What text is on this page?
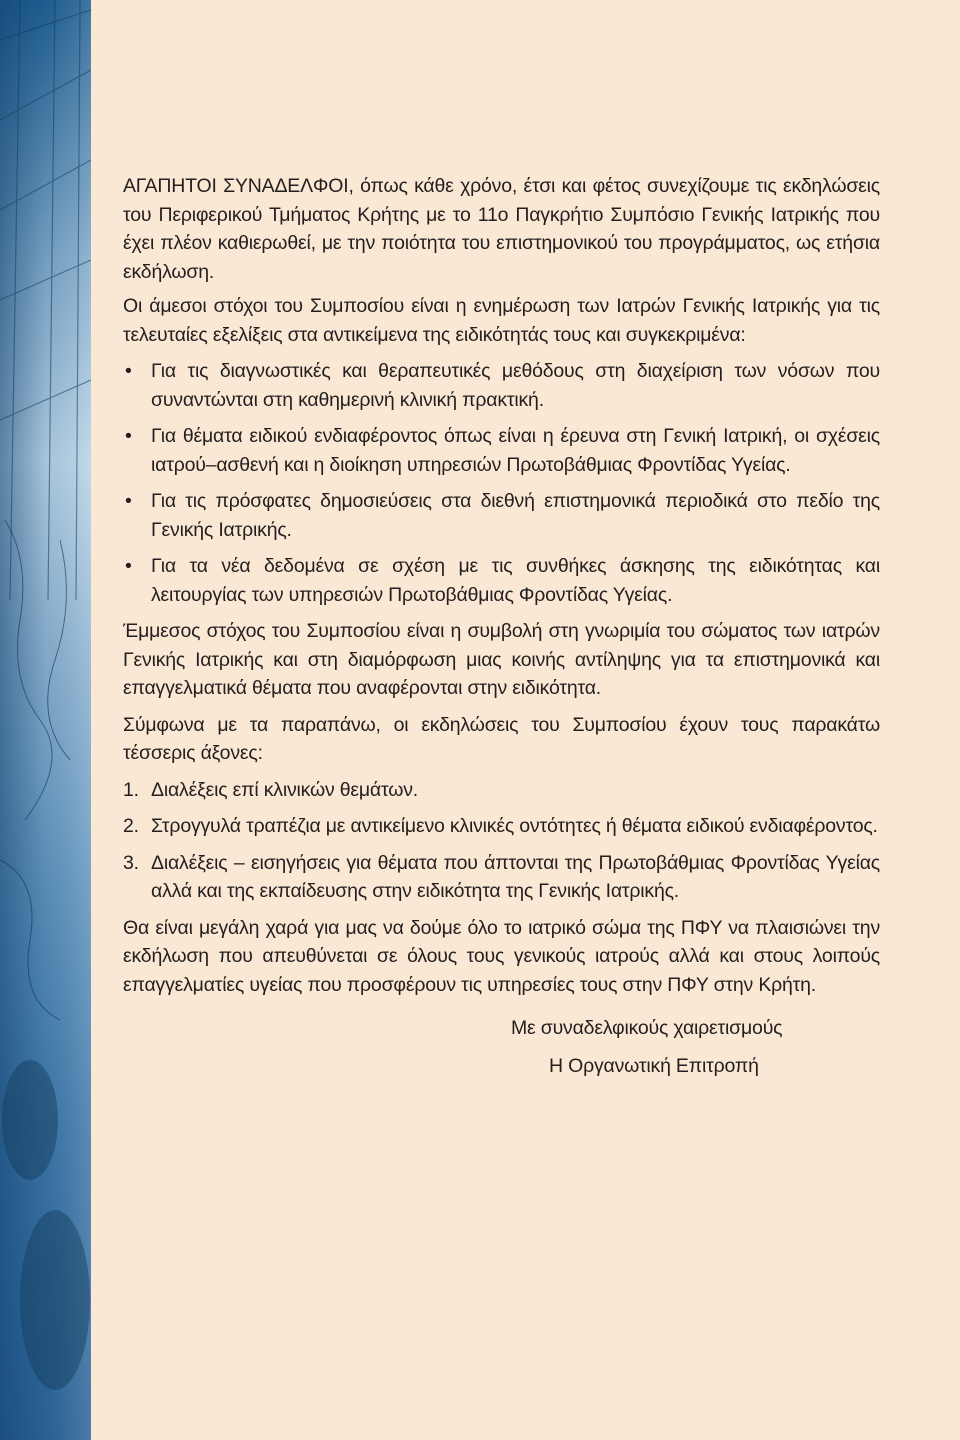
ΑΓΑΠΗΤΟΙ ΣΥΝΑΔΕΛΦΟΙ, όπως κάθε χρόνο, έτσι και φέτος συνεχίζουμε τις εκδηλώσεις του Περιφερικού Τμήματος Κρήτης με το 11ο Παγκρήτιο Συμπόσιο Γενικής Ιατρικής που έχει πλέον καθιερωθεί, με την ποιότητα του επιστημονικού του προγράμματος, ως ετήσια εκδήλωση.

Οι άμεσοι στόχοι του Συμποσίου είναι η ενημέρωση των Ιατρών Γενικής Ιατρικής για τις τελευταίες εξελίξεις στα αντικείμενα της ειδικότητάς τους και συγκεκριμένα:

• Για τις διαγνωστικές και θεραπευτικές μεθόδους στη διαχείριση των νόσων που συναντώνται στη καθημερινή κλινική πρακτική.
• Για θέματα ειδικού ενδιαφέροντος όπως είναι η έρευνα στη Γενική Ιατρική, οι σχέσεις ιατρού–ασθενή και η διοίκηση υπηρεσιών Πρωτοβάθμιας Φροντίδας Υγείας.
• Για τις πρόσφατες δημοσιεύσεις στα διεθνή επιστημονικά περιοδικά στο πεδίο της Γενικής Ιατρικής.
• Για τα νέα δεδομένα σε σχέση με τις συνθήκες άσκησης της ειδικότητας και λειτουργίας των υπηρεσιών Πρωτοβάθμιας Φροντίδας Υγείας.

Έμμεσος στόχος του Συμποσίου είναι η συμβολή στη γνωριμία του σώματος των ιατρών Γενικής Ιατρικής και στη διαμόρφωση μιας κοινής αντίληψης για τα επιστημονικά και επαγγελματικά θέματα που αναφέρονται στην ειδικότητα.

Σύμφωνα με τα παραπάνω, οι εκδηλώσεις του Συμποσίου έχουν τους παρακάτω τέσσερις άξονες:

1. Διαλέξεις επί κλινικών θεμάτων.
2. Στρογγυλά τραπέζια με αντικείμενο κλινικές οντότητες ή θέματα ειδικού ενδιαφέροντος.
3. Διαλέξεις – εισηγήσεις για θέματα που άπτονται της Πρωτοβάθμιας Φροντίδας Υγείας αλλά και της εκπαίδευσης στην ειδικότητα της Γενικής Ιατρικής.

Θα είναι μεγάλη χαρά για μας να δούμε όλο το ιατρικό σώμα της ΠΦΥ να πλαισιώνει την εκδήλωση που απευθύνεται σε όλους τους γενικούς ιατρούς αλλά και στους λοιπούς επαγγελματίες υγείας που προσφέρουν τις υπηρεσίες τους στην ΠΦΥ στην Κρήτη.

Με συναδελφικούς χαιρετισμούς
Η Οργανωτική Επιτροπή
